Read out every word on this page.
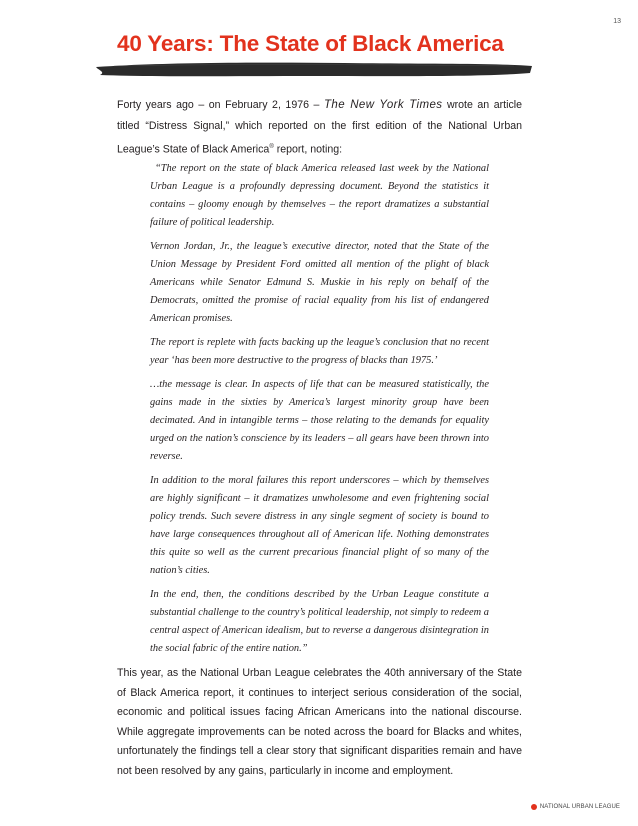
13
40 Years: The State of Black America

Forty years ago – on February 2, 1976 – The New York Times wrote an article titled “Distress Signal,” which reported on the first edition of the National Urban League’s State of Black America® report, noting:

“The report on the state of black America released last week by the National Urban League is a profoundly depressing document. Beyond the statistics it contains – gloomy enough by themselves – the report dramatizes a substantial failure of political leadership.

Vernon Jordan, Jr., the league’s executive director, noted that the State of the Union Message by President Ford omitted all mention of the plight of black Americans while Senator Edmund S. Muskie in his reply on behalf of the Democrats, omitted the promise of racial equality from his list of endangered American promises.

The report is replete with facts backing up the league’s conclusion that no recent year ‘has been more destructive to the progress of blacks than 1975.’

…the message is clear. In aspects of life that can be measured statistically, the gains made in the sixties by America’s largest minority group have been decimated. And in intangible terms – those relating to the demands for equality urged on the nation’s conscience by its leaders – all gears have been thrown into reverse.

In addition to the moral failures this report underscores – which by themselves are highly significant – it dramatizes unwholesome and even frightening social policy trends. Such severe distress in any single segment of society is bound to have large consequences throughout all of American life. Nothing demonstrates this quite so well as the current precarious financial plight of so many of the nation’s cities.

In the end, then, the conditions described by the Urban League constitute a substantial challenge to the country’s political leadership, not simply to redeem a central aspect of American idealism, but to reverse a dangerous disintegration in the social fabric of the entire nation.”

This year, as the National Urban League celebrates the 40th anniversary of the State of Black America report, it continues to interject serious consideration of the social, economic and political issues facing African Americans into the national discourse. While aggregate improvements can be noted across the board for Blacks and whites, unfortunately the findings tell a clear story that significant disparities remain and have not been resolved by any gains, particularly in income and employment.

NATIONAL URBAN LEAGUE
